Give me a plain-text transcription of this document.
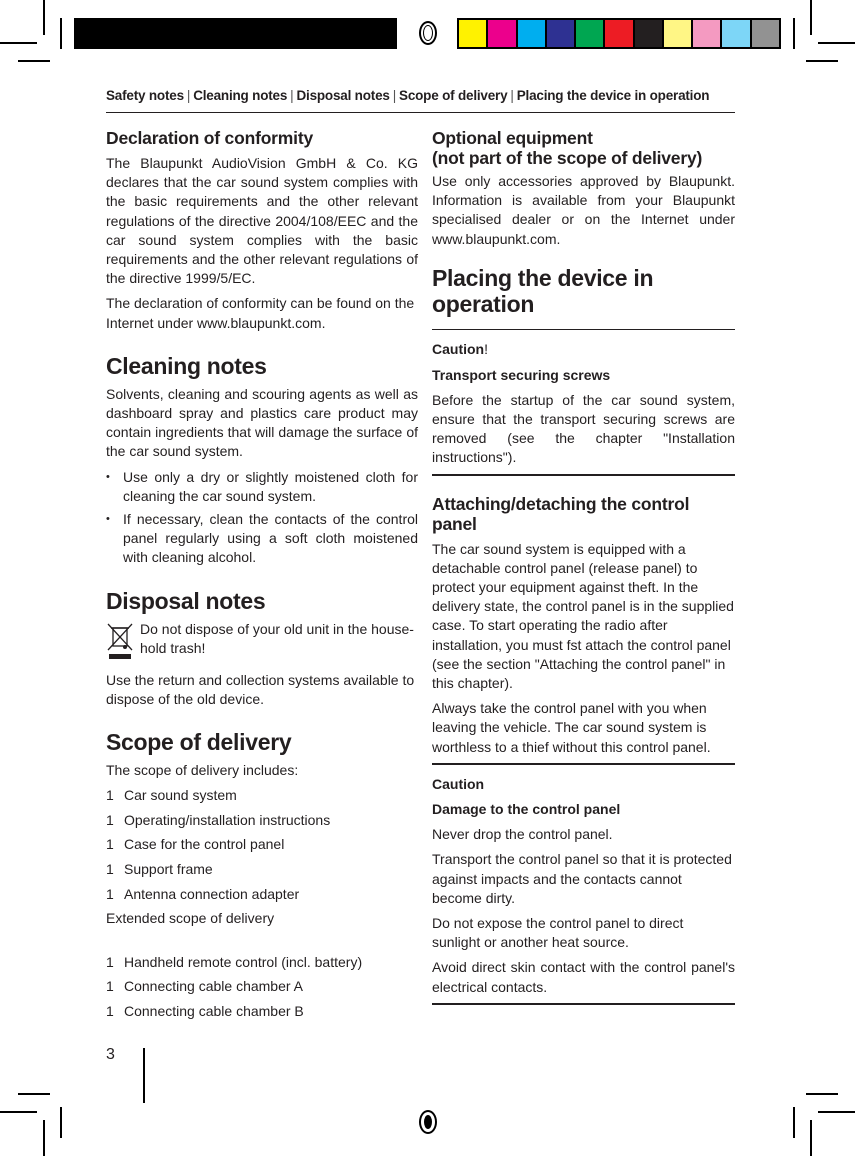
Safety notes | Cleaning notes | Disposal notes | Scope of delivery | Placing the device in operation
Declaration of conformity

The Blaupunkt AudioVision GmbH & Co. KG declares that the car sound system complies with the basic requirements and the other relevant regulations of the directive 2004/108/EEC and the car sound system complies with the basic requirements and the other relevant regulations of the directive 1999/5/EC.

The declaration of conformity can be found on the Internet under www.blaupunkt.com.

Cleaning notes

Solvents, cleaning and scouring agents as well as dashboard spray and plastics care product may contain ingredients that will damage the surface of the car sound system.

• Use only a dry or slightly moistened cloth for cleaning the car sound system.
• If necessary, clean the contacts of the control panel regularly using a soft cloth moistened with cleaning alcohol.
Disposal notes
Do not dispose of your old unit in the house-hold trash!

Use the return and collection systems available to dispose of the old device.

Scope of delivery
The scope of delivery includes:
1 Car sound system
1 Operating/installation instructions
1 Case for the control panel
1 Support frame
1 Antenna connection adapter
Extended scope of delivery
1 Handheld remote control (incl. battery)
1 Connecting cable chamber A
1 Connecting cable chamber B
Optional equipment
(not part of the scope of delivery)

Use only accessories approved by Blaupunkt. Information is available from your Blaupunkt specialised dealer or on the Internet under www.blaupunkt.com.

Placing the device in operation
Caution!
Transport securing screws

Before the startup of the car sound system, ensure that the transport securing screws are removed (see the chapter "Installation instructions").

Attaching/detaching the control panel

The car sound system is equipped with a detachable control panel (release panel) to protect your equipment against theft. In the delivery state, the control panel is in the supplied case. To start operating the radio after installation, you must fst attach the control panel (see the section "Attaching the control panel" in this chapter).

Always take the control panel with you when leaving the vehicle. The car sound system is worthless to a thief without this control panel.

Caution
Damage to the control panel

Never drop the control panel.

Transport the control panel so that it is protected against impacts and the contacts cannot become dirty.

Do not expose the control panel to direct sunlight or another heat source.

Avoid direct skin contact with the control panel's electrical contacts.

3
